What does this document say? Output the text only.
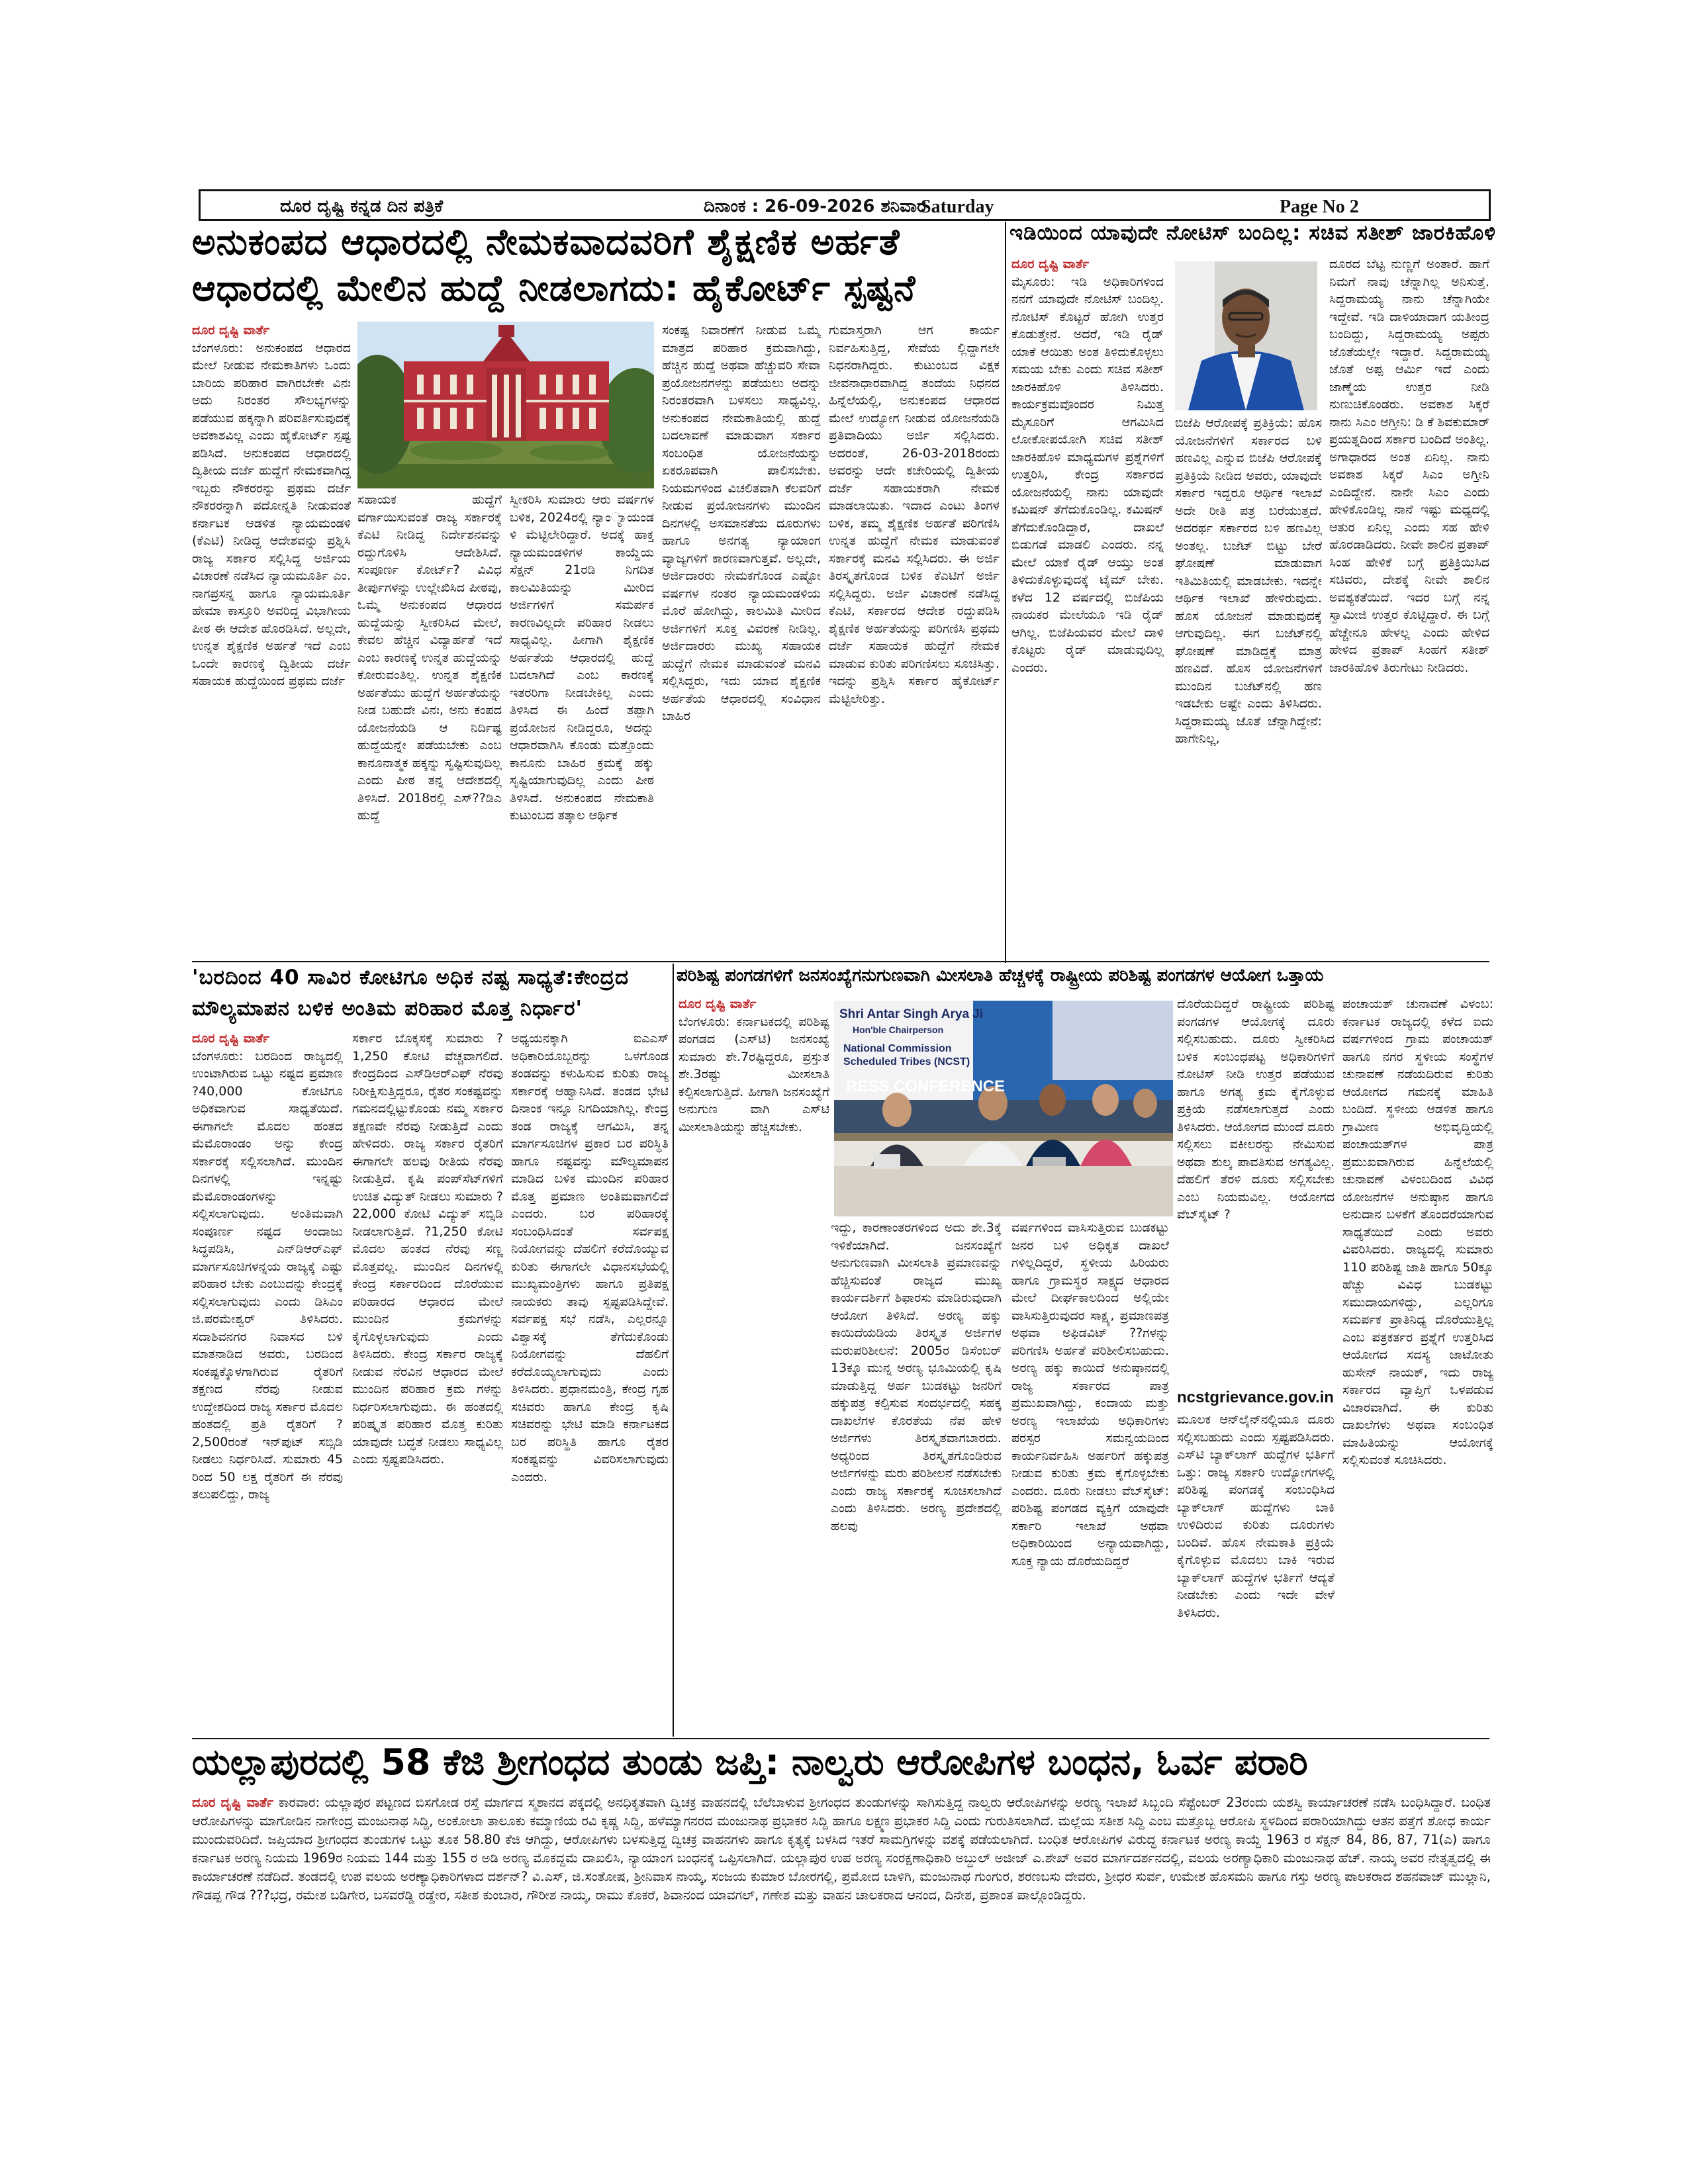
ದೂರ ದೃಷ್ಟಿ ಕನ್ನಡ ದಿನ ಪತ್ರಿಕೆ	ದಿನಾಂಕ : 26-09-2026 ಶನಿವಾರ
Saturday	Page No 2
ಅನುಕಂಪದ ಆಧಾರದಲ್ಲಿ ನೇಮಕವಾದವರಿಗೆ ಶೈಕ್ಷಣಿಕ ಅರ್ಹತೆ
ಆಧಾರದಲ್ಲಿ ಮೇಲಿನ ಹುದ್ದೆ ನೀಡಲಾಗದು: ಹೈಕೋರ್ಟ್ ಸ್ಪಷ್ಟನೆ
ದೂರ ದೃಷ್ಟಿ ವಾರ್ತೆ
ಬೆಂಗಳೂರು: ಅನುಕಂಪದ ಆಧಾರದ ಮೇಲೆ ನೀಡುವ ನೇಮಕಾತಿಗಳು ಒಂದು ಬಾರಿಯ ಪರಿಹಾರ ವಾಗಿರಬೇಕೇ ವಿನಃ ಅದು ನಿರಂತರ ಸೌಲಭ್ಯಗಳನ್ನು ಪಡೆಯುವ ಹಕ್ಕನ್ನಾಗಿ ಪರಿವರ್ತಿಸುವುದಕ್ಕೆ ಅವಕಾಶವಿಲ್ಲ ಎಂದು ಹೈಕೋರ್ಟ್ ಸ್ಪಷ್ಟ ಪಡಿಸಿದೆ. ಅನುಕಂಪದ ಆಧಾರದಲ್ಲಿ ದ್ವಿತೀಯ ದರ್ಜೆ ಹುದ್ದೆಗೆ ನೇಮಕವಾಗಿದ್ದ ಇಬ್ಬರು ನೌಕರರನ್ನು ಪ್ರಥಮ ದರ್ಜೆ ನೌಕರರನ್ನಾಗಿ ಪದೋನ್ನತಿ ನೀಡುವಂತೆ ಕರ್ನಾಟಕ ಆಡಳಿತ ನ್ಯಾಯಮಂಡಳಿ (ಕೆಎಟಿ) ನೀಡಿದ್ದ ಆದೇಶವನ್ನು ಪ್ರಶ್ನಿಸಿ ರಾಜ್ಯ ಸರ್ಕಾರ ಸಲ್ಲಿಸಿದ್ದ ಅರ್ಜಿಯ ವಿಚಾರಣೆ ನಡೆಸಿದ ನ್ಯಾಯಮೂರ್ತಿ ಎಂ. ನಾಗಪ್ರಸನ್ನ ಹಾಗೂ ನ್ಯಾಯಮೂರ್ತಿ ಹೇಮಾ ಕಾಸ್ತೂರಿ ಅವರಿದ್ದ ವಿಭಾಗೀಯ ಪೀಠ ಈ ಆದೇಶ ಹೊರಡಿಸಿದೆ. ಅಲ್ಲದೇ, ಉನ್ನತ ಶೈಕ್ಷಣಿಕ ಅರ್ಹತೆ ಇದೆ ಎಂಬ ಒಂದೇ ಕಾರಣಕ್ಕೆ ದ್ವಿತೀಯ ದರ್ಜೆ ಸಹಾಯಕ ಹುದ್ದೆಯಿಂದ ಪ್ರಥಮ ದರ್ಜೆ
ಸಹಾಯಕ ಹುದ್ದೆಗೆ ವರ್ಗಾಯಿಸುವಂತೆ ರಾಜ್ಯ ಸರ್ಕಾರಕ್ಕೆ ಕೆಎಟಿ ನೀಡಿದ್ದ ನಿರ್ದೇಶನವನ್ನು ರದ್ದುಗೊಳಿಸಿ ಆದೇಶಿಸಿದೆ. ಸಂಪೂರ್ಣ ಕೋರ್ಟ್? ವಿವಿಧ ತೀರ್ಪುಗಳನ್ನು ಉಲ್ಲೇಖಿಸಿದ ಪೀಠವು, ಒಮ್ಮೆ ಅನುಕಂಪದ ಆಧಾರದ ಹುದ್ದೆಯನ್ನು ಸ್ವೀಕರಿಸಿದ ಮೇಲೆ, ಕೇವಲ ಹೆಚ್ಚಿನ ವಿದ್ಯಾರ್ಹತೆ ಇದೆ ಎಂಬ ಕಾರಣಕ್ಕೆ ಉನ್ನತ ಹುದ್ದೆಯನ್ನು ಕೋರುವಂತಿಲ್ಲ. ಉನ್ನತ ಶೈಕ್ಷಣಿಕ ಅರ್ಹತೆಯು ಹುದ್ದೆಗೆ ಅರ್ಹತೆಯನ್ನು ನೀಡ ಬಹುದೇ ವಿನಃ, ಅನು ಕಂಪದ ಯೋಜನೆಯಡಿ ಆ ನಿರ್ದಿಷ್ಟ ಹುದ್ದೆಯನ್ನೇ ಪಡೆಯಬೇಕು ಎಂಬ ಕಾನೂನಾತ್ಮಕ ಹಕ್ಕನ್ನು ಸೃಷ್ಟಿಸುವುದಿಲ್ಲ ಎಂದು ಪೀಠ ತನ್ನ ಆದೇಶದಲ್ಲಿ ತಿಳಿಸಿದೆ. 2018ರಲ್ಲಿ ಎಸ್??ಡಿಎ ಹುದ್ದೆ
ಸ್ವೀಕರಿಸಿ ಸುಮಾರು ಆರು ವರ್ಷಗಳ ಬಳಿಕ, 2024ರಲ್ಲಿ ನ್ಯಾಂ್ಯಾಯಂಡ ಳಿ ಮೆಟ್ಟಿಲೇರಿದ್ದಾರೆ. ಅದಕ್ಕೆ ಹಾಕ್ತ ನ್ಯಾಯಮಂಡಳಿಗಳ ಕಾಯ್ದೆಯ ಸೆಕ್ಷನ್ 21ರಡಿ ನಿಗದಿತ ಕಾಲಮಿತಿಯನ್ನು ಮೀರಿದ ಅರ್ಜಿಗಳಿಗೆ ಸಮರ್ಪಕ ಕಾರಣವಿಲ್ಲದೇ ಪರಿಹಾರ ನೀಡಲು ಸಾಧ್ಯವಿಲ್ಲ. ಹೀಗಾಗಿ ಶೈಕ್ಷಣಿಕ ಅರ್ಹತೆಯ ಆಧಾರದಲ್ಲಿ ಹುದ್ದೆ ಬದಲಾಗಿದೆ ಎಂಬ ಕಾರಣಕ್ಕೆ ಇತರರಿಗಾ ನೀಡಬೇಕಿಲ್ಲ ಎಂದು ತಿಳಿಸಿದ ಈ ಹಿಂದೆ ತಪ್ಪಾಗಿ ಪ್ರಯೋಜನ ನೀಡಿದ್ದರೂ, ಅದನ್ನು ಆಧಾರವಾಗಿಸಿ ಕೊಂಡು ಮತ್ತೊಂದು ಕಾನೂನು ಬಾಹಿರ ಕ್ರಮಕ್ಕೆ ಹಕ್ಕು ಸೃಷ್ಟಿಯಾಗುವುದಿಲ್ಲ ಎಂದು ಪೀಠ ತಿಳಿಸಿದೆ. ಅನುಕಂಪದ ನೇಮಕಾತಿ ಕುಟುಂಬದ ತತ್ಕಾಲ ಆರ್ಥಿಕ
ಸಂಕಷ್ಟ ನಿವಾರಣೆಗೆ ನೀಡುವ ಒಮ್ಮೆ ಮಾತ್ರದ ಪರಿಹಾರ ಕ್ರಮವಾಗಿದ್ದು, ಹೆಚ್ಚಿನ ಹುದ್ದೆ ಅಥವಾ ಹೆಚ್ಚುವರಿ ಸೇವಾ ಪ್ರಯೋಜನಗಳನ್ನು ಪಡೆಯಲು ಅದನ್ನು ನಿರಂತರವಾಗಿ ಬಳಸಲು ಸಾಧ್ಯವಿಲ್ಲ. ಅನುಕಂಪದ ನೇಮಕಾತಿಯಲ್ಲಿ ಹುದ್ದೆ ಬದಲಾವಣೆ ಮಾಡುವಾಗ ಸರ್ಕಾರ ಸಂಬಂಧಿತ ಯೋಜನೆಯನ್ನು ಏಕರೂಪವಾಗಿ ಪಾಲಿಸಬೇಕು. ನಿಯಮಗಳಿಂದ ವಿಚಲಿತವಾಗಿ ಕೆಲವರಿಗೆ ನೀಡುವ ಪ್ರಯೋಜನಗಳು ಮುಂದಿನ ದಿನಗಳಲ್ಲಿ ಅಸಮಾನತೆಯ ದೂರುಗಳು ಹಾಗೂ ಅನಗತ್ಯ ನ್ಯಾಯಾಂಗ ವ್ಯಾಜ್ಯಗಳಿಗೆ ಕಾರಣವಾಗುತ್ತವೆ. ಅಲ್ಲದೇ, ಅರ್ಜಿದಾರರು ನೇಮಕಗೊಂಡ ಎಷ್ಟೋ ವರ್ಷಗಳ ನಂತರ ನ್ಯಾಯಮಂಡಳಿಯ ಮೊರೆ ಹೋಗಿದ್ದು, ಕಾಲಮಿತಿ ಮೀರಿದ ಅರ್ಜಿಗಳಿಗೆ ಸೂಕ್ತ ವಿವರಣೆ ನೀಡಿಲ್ಲ. ಅರ್ಜಿದಾರರು ಮುಖ್ಯ ಸಹಾಯಕ ಹುದ್ದೆಗೆ ನೇಮಕ ಮಾಡುವಂತೆ ಮನವಿ ಸಲ್ಲಿಸಿದ್ದರು, ಇದು ಯಾವ ಶೈಕ್ಷಣಿಕ ಅರ್ಹತೆಯ ಆಧಾರದಲ್ಲಿ ಸಂವಿಧಾನ ಬಾಹಿರ
ಗುಮಾಸ್ತರಾಗಿ ಆಗ ಕಾರ್ಯ ನಿರ್ವಹಿಸುತ್ತಿದ್ದ, ಸೇವೆಯ ಲ್ಲಿದ್ದಾಗಲೇ ನಿಧನರಾಗಿದ್ದರು. ಕುಟುಂಬದ ವಿಕ್ಷಕ ಜೀವನಾಧಾರವಾಗಿದ್ದ ತಂದೆಯ ನಿಧನದ ಹಿನ್ನೆಲೆಯಲ್ಲಿ, ಅನುಕಂಪದ ಆಧಾರದ ಮೇಲೆ ಉದ್ಯೋಗ ನೀಡುವ ಯೋಜನೆಯಡಿ ಪ್ರತಿವಾದಿಯು ಅರ್ಜಿ ಸಲ್ಲಿಸಿದರು. ಅದರಂತೆ, 26-03-2018ರಂದು ಅವರನ್ನು ಆದೇ ಕಚೇರಿಯಲ್ಲಿ ದ್ವಿತೀಯ ದರ್ಜೆ ಸಹಾಯಕರಾಗಿ ನೇಮಕ ಮಾಡಲಾಯಿತು. ಇದಾದ ಎಂಟು ತಿಂಗಳ ಬಳಿಕ, ತಮ್ಮ ಶೈಕ್ಷಣಿಕ ಅರ್ಹತೆ ಪರಿಗಣಿಸಿ ಉನ್ನತ ಹುದ್ದೆಗೆ ನೇಮಕ ಮಾಡುವಂತೆ ಸರ್ಕಾರಕ್ಕೆ ಮನವಿ ಸಲ್ಲಿಸಿದರು. ಈ ಅರ್ಜಿ ತಿರಸ್ಕೃತಗೊಂಡ ಬಳಿಕ ಕೆಎಟಿಗೆ ಅರ್ಜಿ ಸಲ್ಲಿಸಿದ್ದರು. ಅರ್ಜಿ ವಿಚಾರಣೆ ನಡೆಸಿದ್ದ ಕೆಎಟಿ, ಸರ್ಕಾರದ ಆದೇಶ ರದ್ದುಪಡಿಸಿ ಶೈಕ್ಷಣಿಕ ಅರ್ಹತೆಯನ್ನು ಪರಿಗಣಿಸಿ ಪ್ರಥಮ ದರ್ಜೆ ಸಹಾಯಕ ಹುದ್ದೆಗೆ ನೇಮಕ ಮಾಡುವ ಕುರಿತು ಪರಿಗಣಿಸಲು ಸೂಚಿಸಿತ್ತು. ಇದನ್ನು ಪ್ರಶ್ನಿಸಿ ಸರ್ಕಾರ ಹೈಕೋರ್ಟ್ ಮೆಟ್ಟಿಲೇರಿತ್ತು.
ಇಡಿಯಿಂದ ಯಾವುದೇ ನೋಟಿಸ್ ಬಂದಿಲ್ಲ: ಸಚಿವ ಸತೀಶ್ ಜಾರಕಿಹೊಳಿ
ದೂರ ದೃಷ್ಟಿ ವಾರ್ತೆ
ಮೈಸೂರು: ಇಡಿ ಅಧಿಕಾರಿಗಳಿಂದ ನನಗೆ ಯಾವುದೇ ನೋಟಿಸ್ ಬಂದಿಲ್ಲ. ನೋಟಿಸ್ ಕೊಟ್ಟರೆ ಹೋಗಿ ಉತ್ತರ ಕೊಡುತ್ತೇನೆ. ಅದರೆ, ಇಡಿ ರೈಡ್ ಯಾಕೆ ಆಯಿತು ಅಂತ ತಿಳಿದುಕೊಳ್ಳಲು ಸಮಯ ಬೇಕು ಎಂದು ಸಚಿವ ಸತೀಶ್ ಜಾರಕಿಹೊಳಿ ತಿಳಿಸಿದರು. ಕಾರ್ಯಕ್ರಮವೊಂದರ ನಿಮಿತ್ತ ಮೈಸೂರಿಗೆ ಆಗಮಿಸಿದ ಲೋಕೋಪಯೋಗಿ ಸಚಿವ ಸತೀಶ್ ಜಾರಕಿಹೊಳಿ ಮಾಧ್ಯಮಗಳ ಪ್ರಶ್ನೆಗಳಿಗೆ ಉತ್ತರಿಸಿ, ಕೇಂದ್ರ ಸರ್ಕಾರದ ಯೋಜನೆಯಲ್ಲಿ ನಾನು ಯಾವುದೇ ಕಮಿಷನ್ ತೆಗೆದುಕೊಂಡಿಲ್ಲ. ಕಮಿಷನ್ ತೆಗೆದುಕೊಂಡಿದ್ದಾರೆ, ದಾಖಲೆ ಬಿಡುಗಡೆ ಮಾಡಲಿ ಎಂದರು. ನನ್ನ ಮೇಲೆ ಯಾಕೆ ರೈಡ್ ಆಯ್ತು ಅಂತ ತಿಳಿದುಕೊಳ್ಳುವುದಕ್ಕೆ ಟೈಮ್ ಬೇಕು. ಕಳೆದ 12 ವರ್ಷದಲ್ಲಿ ಬಿಜೆಪಿಯ ನಾಯಕರ ಮೇಲೆಯೂ ಇಡಿ ರೈಡ್ ಆಗಿಲ್ಲ. ಬಿಜೆಪಿಯವರ ಮೇಲೆ ದಾಳಿ ಕೊಟ್ಟರು ರೈಡ್ ಮಾಡುವುದಿಲ್ಲ ಎಂದರು.
ಬಿಜೆಪಿ ಆರೋಪಕ್ಕೆ ಪ್ರತಿಕ್ರಿಯೆ: ಹೊಸ ಯೋಜನೆಗಳಿಗೆ ಸರ್ಕಾರದ ಬಳಿ ಹಣವಿಲ್ಲ ಎನ್ನುವ ಬಿಜೆಪಿ ಆರೋಪಕ್ಕೆ ಪ್ರತಿಕ್ರಿಯೆ ನೀಡಿದ ಅವರು, ಯಾವುದೇ ಸರ್ಕಾರ ಇದ್ದರೂ ಆರ್ಥಿಕ ಇಲಾಖೆ ಅದೇ ರೀತಿ ಪತ್ರ ಬರೆಯುತ್ತದೆ. ಅದರರ್ಥ ಸರ್ಕಾರದ ಬಳಿ ಹಣವಿಲ್ಲ ಅಂತಲ್ಲ. ಬಜೆಟ್ ಬಿಟ್ಟು ಬೇರೆ ಘೋಷಣೆ ಮಾಡುವಾಗ ಇತಿಮಿತಿಯಲ್ಲಿ ಮಾಡಬೇಕು. ಇದನ್ನೇ ಆರ್ಥಿಕ ಇಲಾಖೆ ಹೇಳಿರುವುದು. ಹೊಸ ಯೋಜನೆ ಮಾಡುವುದಕ್ಕೆ ಆಗುವುದಿಲ್ಲ. ಈಗ ಬಜೆಟ್‌ನಲ್ಲಿ ಘೋಷಣೆ ಮಾಡಿದ್ದಕ್ಕೆ ಮಾತ್ರ ಹಣವಿದೆ. ಹೊಸ ಯೋಜನೆಗಳಿಗೆ ಮುಂದಿನ ಬಜೆಟ್‌ನಲ್ಲಿ ಹಣ ಇಡಬೇಕು ಅಷ್ಟೇ ಎಂದು ತಿಳಿಸಿದರು. ಸಿದ್ದರಾಮಯ್ಯ ಜೊತೆ ಚೆನ್ನಾಗಿದ್ದೇನೆ: ಹಾಗೇನಿಲ್ಲ,
ದೂರದ ಬೆಟ್ಟ ನುಣ್ಣಗೆ ಅಂತಾರೆ. ಹಾಗೆ ನಿಮಗೆ ನಾವು ಚೆನ್ನಾಗಿಲ್ಲ ಅನಿಸುತ್ತೆ. ಸಿದ್ದರಾಮಯ್ಯ ನಾನು ಚೆನ್ನಾಗಿಯೇ ಇದ್ದೇವೆ. ಇಡಿ ದಾಳಿಯಾದಾಗ ಯತೀಂದ್ರ ಬಂದಿದ್ದು, ಸಿದ್ದರಾಮಯ್ಯ ಅಪ್ಪರು ಜೊತೆಯಲ್ಲೇ ಇದ್ದಾರೆ. ಸಿದ್ದರಾಮಯ್ಯ ಜೊತೆ ಅಪ್ಪ ಆರ್ಮಿ ಇದೆ ಎಂದು ಜಾಣ್ಮೆಯ ಉತ್ತರ ನೀಡಿ ನುಣುಚಿಕೊಂಡರು. ಅವಕಾಶ ಸಿಕ್ಕರೆ ನಾನು ಸಿಎಂ ಆಗ್ತೀನಿ: ಡಿ ಕೆ ಶಿವಕುಮಾರ್ ಪ್ರಯತ್ನದಿಂದ ಸರ್ಕಾರ ಬಂದಿದೆ ಅಂತಿಲ್ಲ. ಅಗಾಧಾರದ ಅಂತ ಏನಿಲ್ಲ. ನಾನು ಅವಕಾಶ ಸಿಕ್ಕರೆ ಸಿಎಂ ಅಗ್ತೀನಿ ಎಂದಿದ್ದೇನೆ. ನಾನೇ ಸಿಎಂ ಎಂದು ಹೇಳಿಕೊಂಡಿಲ್ಲ ನಾನೆ ಇಷ್ಟು ಮಧ್ಯದಲ್ಲಿ ಆತುರ ಏನಿಲ್ಲ ಎಂದು ಸಹ ಹೇಳಿ ಹೊರಡಾಡಿದರು. ನೀವೇ ಶಾಲಿನ ಪ್ರತಾಪ್ ಸಿಂಹ ಹೇಳಿಕೆ ಬಗ್ಗೆ ಪ್ರತಿಕ್ರಿಯಿಸಿದ ಸಚಿವರು, ದೇಶಕ್ಕೆ ನೀವೇ ಶಾಲಿನ ಅವಶ್ಯಕತೆಯಿದೆ. ಇದರ ಬಗ್ಗೆ ನನ್ನ ಸ್ವಾಮೀಜಿ ಉತ್ತರ ಕೊಟ್ಟಿದ್ದಾರೆ. ಈ ಬಗ್ಗೆ ಹೆಚ್ಚೇನೂ ಹೇಳಲ್ಲ ಎಂದು ಹೇಳಿದ ಹೇಳಿದ ಪ್ರತಾಪ್ ಸಿಂಹಗೆ ಸತೀಶ್ ಜಾರಕಿಹೊಳಿ ತಿರುಗೇಟು ನೀಡಿದರು.
'ಬರದಿಂದ 40 ಸಾವಿರ ಕೋಟಿಗೂ ಅಧಿಕ ನಷ್ಟ ಸಾಧ್ಯತೆ:ಕೇಂದ್ರದ
ಮೌಲ್ಯಮಾಪನ ಬಳಿಕ ಅಂತಿಮ ಪರಿಹಾರ ಮೊತ್ತ ನಿರ್ಧಾರ'
ದೂರ ದೃಷ್ಟಿ ವಾರ್ತೆ
ಬೆಂಗಳೂರು: ಬರದಿಂದ ರಾಜ್ಯದಲ್ಲಿ ಉಂಟಾಗಿರುವ ಒಟ್ಟು ನಷ್ಟದ ಪ್ರಮಾಣ ?40,000 ಕೋಟಿಗೂ ಅಧಿಕವಾಗುವ ಸಾಧ್ಯತೆಯಿದೆ. ಈಗಾಗಲೇ ಮೊದಲ ಹಂತದ ಮೆಮೊರಾಂಡಂ ಅನ್ನು ಕೇಂದ್ರ ಸರ್ಕಾರಕ್ಕೆ ಸಲ್ಲಿಸಲಾಗಿದೆ. ಮುಂದಿನ ದಿನಗಳಲ್ಲಿ ಇನ್ನಷ್ಟು ಮೆಮೊರಾಂಡಂಗಳನ್ನು ಸಲ್ಲಿಸಲಾಗುವುದು. ಅಂತಿಮವಾಗಿ ಸಂಪೂರ್ಣ ನಷ್ಟದ ಅಂದಾಜು ಸಿದ್ಧಪಡಿಸಿ, ಎನ್‌ಡಿಆರ್‌ಎಫ್ ಮಾರ್ಗಸೂಚಿಗಳನ್ನಯ ರಾಜ್ಯಕ್ಕೆ ಎಷ್ಟು ಪರಿಹಾರ ಬೇಕು ಎಂಬುದನ್ನು ಕೇಂದ್ರಕ್ಕೆ ಸಲ್ಲಿಸಲಾಗುವುದು ಎಂದು ಡಿಸಿಎಂ ಜಿ.ಪರಮೇಶ್ವರ್ ತಿಳಿಸಿದರು. ಸದಾಶಿವನಗರ ನಿವಾಸದ ಬಳಿ ಮಾತನಾಡಿದ ಅವರು, ಬರದಿಂದ ಸಂಕಷ್ಟಕ್ಕೊಳಗಾಗಿರುವ ರೈತರಿಗೆ ತಕ್ಷಣದ ನೆರವು ನೀಡುವ ಉದ್ದೇಶದಿಂದ ರಾಜ್ಯ ಸರ್ಕಾರ ಮೊದಲ ಹಂತದಲ್ಲಿ ಪ್ರತಿ ರೈತರಿಗೆ ?2,500ರಂತೆ ಇನ್‌ಪುಟ್ ಸಬ್ಸಿಡಿ ನೀಡಲು ನಿರ್ಧರಿಸಿದೆ. ಸುಮಾರು 45 ರಿಂದ 50 ಲಕ್ಷ ರೈತರಿಗೆ ಈ ನೆರವು ತಲುಪಲಿದ್ದು, ರಾಜ್ಯ
ಸರ್ಕಾರ ಬೊಕ್ಕಸಕ್ಕೆ ಸುಮಾರು ?1,250 ಕೋಟಿ ವೆಚ್ಚವಾಗಲಿದೆ. ಕೇಂದ್ರದಿಂದ ಎಸ್‌ಡಿಆರ್‌ಎಫ್ ನೆರವು ನಿರೀಕ್ಷಿಸುತ್ತಿದ್ದರೂ, ರೈತರ ಸಂಕಷ್ಟವನ್ನು ಗಮನದಲ್ಲಿಟ್ಟುಕೊಂಡು ನಮ್ಮ ಸರ್ಕಾರ ತಕ್ಷಣವೇ ನೆರವು ನೀಡುತ್ತಿದೆ ಎಂದು ಹೇಳಿದರು. ರಾಜ್ಯ ಸರ್ಕಾರ ರೈತರಿಗೆ ಈಗಾಗಲೇ ಹಲವು ರೀತಿಯ ನೆರವು ನೀಡುತ್ತಿದೆ. ಕೃಷಿ ಪಂಪ್‌ಸೆಟ್‌ಗಳಿಗೆ ಉಚಿತ ವಿದ್ಯುತ್ ನೀಡಲು ಸುಮಾರು ?22,000 ಕೋಟಿ ವಿದ್ಯುತ್ ಸಬ್ಸಿಡಿ ನೀಡಲಾಗುತ್ತಿದೆ. ?1,250 ಕೋಟಿ ಮೊದಲ ಹಂತದ ನೆರವು ಸಣ್ಣ ಮೊತ್ತವಲ್ಲ. ಮುಂದಿನ ದಿನಗಳಲ್ಲಿ ಕೇಂದ್ರ ಸರ್ಕಾರದಿಂದ ದೊರೆಯುವ ಪರಿಹಾರದ ಆಧಾರದ ಮೇಲೆ ಮುಂದಿನ ಕ್ರಮಗಳನ್ನು ಕೈಗೊಳ್ಳಲಾಗುವುದು ಎಂದು ತಿಳಿಸಿದರು. ಕೇಂದ್ರ ಸರ್ಕಾರ ರಾಜ್ಯಕ್ಕೆ ನೀಡುವ ನೆರವಿನ ಆಧಾರದ ಮೇಲೆ ಮುಂದಿನ ಪರಿಹಾರ ಕ್ರಮ ಗಳನ್ನು ನಿರ್ಧರಿಸಲಾಗುವುದು. ಈ ಹಂತದಲ್ಲಿ ಪರಿಷ್ಕೃತ ಪರಿಹಾರ ಮೊತ್ತ ಕುರಿತು ಯಾವುದೇ ಬದ್ಧತೆ ನೀಡಲು ಸಾಧ್ಯವಿಲ್ಲ ಎಂದು ಸ್ಪಷ್ಟಪಡಿಸಿದರು.
ಅಧ್ಯಯನಕ್ಕಾಗಿ ಐಎಎಸ್ ಅಧಿಕಾರಿಯೊಬ್ಬರನ್ನು ಒಳಗೊಂಡ ತಂಡವನ್ನು ಕಳುಹಿಸುವ ಕುರಿತು ರಾಜ್ಯ ಸರ್ಕಾರಕ್ಕೆ ಆಹ್ವಾನಿಸಿದೆ. ತಂಡದ ಭೇಟಿ ದಿನಾಂಕ ಇನ್ನೂ ನಿಗದಿಯಾಗಿಲ್ಲ. ಕೇಂದ್ರ ತಂಡ ರಾಜ್ಯಕ್ಕೆ ಆಗಮಿಸಿ, ತನ್ನ ಮಾರ್ಗಸೂಚಿಗಳ ಪ್ರಕಾರ ಬರ ಪರಿಸ್ಥಿತಿ ಹಾಗೂ ನಷ್ಟವನ್ನು ಮೌಲ್ಯಮಾಪನ ಮಾಡಿದ ಬಳಿಕ ಮುಂದಿನ ಪರಿಹಾರ ಮೊತ್ತ ಪ್ರಮಾಣ ಅಂತಿಮವಾಗಲಿದೆ ಎಂದರು. ಬರ ಪರಿಹಾರಕ್ಕೆ ಸಂಬಂಧಿಸಿದಂತೆ ಸರ್ವಪಕ್ಷ ನಿಯೋಗವನ್ನು ದೆಹಲಿಗೆ ಕರೆದೊಯ್ಯುವ ಕುರಿತು ಈಗಾಗಲೇ ವಿಧಾನಸಭೆಯಲ್ಲಿ ಮುಖ್ಯಮಂತ್ರಿಗಳು ಹಾಗೂ ಪ್ರತಿಪಕ್ಷ ನಾಯಕರು ತಾವು ಸ್ಪಷ್ಟಪಡಿಸಿದ್ದೇವೆ. ಸರ್ವಪಕ್ಷ ಸಭೆ ನಡೆಸಿ, ಎಲ್ಲರನ್ನೂ ವಿಶ್ವಾಸಕ್ಕೆ ತೆಗೆದುಕೊಂಡು ನಿಯೋಗವನ್ನು ದೆಹಲಿಗೆ ಕರೆದೊಯ್ಯಲಾಗುವುದು ಎಂದು ತಿಳಿಸಿದರು. ಪ್ರಧಾನಮಂತ್ರಿ, ಕೇಂದ್ರ ಗೃಹ ಸಚಿವರು ಹಾಗೂ ಕೇಂದ್ರ ಕೃಷಿ ಸಚಿವರನ್ನು ಭೇಟಿ ಮಾಡಿ ಕರ್ನಾಟಕದ ಬರ ಪರಿಸ್ಥಿತಿ ಹಾಗೂ ರೈತರ ಸಂಕಷ್ಟವನ್ನು ವಿವರಿಸಲಾಗುವುದು ಎಂದರು.
ಪರಿಶಿಷ್ಟ ಪಂಗಡಗಳಿಗೆ ಜನಸಂಖ್ಯೆಗನುಗುಣವಾಗಿ ಮೀಸಲಾತಿ ಹೆಚ್ಚಳಕ್ಕೆ ರಾಷ್ಟ್ರೀಯ ಪರಿಶಿಷ್ಟ ಪಂಗಡಗಳ ಆಯೋಗ ಒತ್ತಾಯ
ದೂರ ದೃಷ್ಟಿ ವಾರ್ತೆ
ಬೆಂಗಳೂರು: ಕರ್ನಾಟಕದಲ್ಲಿ ಪರಿಶಿಷ್ಟ ಪಂಗಡದ (ಎಸ್‌ಟಿ) ಜನಸಂಖ್ಯೆ ಸುಮಾರು ಶೇ.7ರಷ್ಟಿದ್ದರೂ, ಪ್ರಸ್ತುತ ಶೇ.3ರಷ್ಟು ಮೀಸಲಾತಿ ಕಲ್ಪಿಸಲಾಗುತ್ತಿದೆ. ಹೀಗಾಗಿ ಜನಸಂಖ್ಯೆಗೆ ಅನುಗುಣ ವಾಗಿ ಎಸ್‌ಟಿ ಮೀಸಲಾತಿಯನ್ನು ಹೆಚ್ಚಿಸಬೇಕು.
Shri Antar Singh Arya Ji
Hon'ble Chairperson
National Commission
Scheduled Tribes (NCST)
RESS CONFERENCE
ಇದ್ದು, ಕಾರಣಾಂತರಗಳಿಂದ ಅದು ಶೇ.3ಕ್ಕೆ ಇಳಿಕೆಯಾಗಿದೆ. ಜನಸಂಖ್ಯೆಗೆ ಅನುಗುಣವಾಗಿ ಮೀಸಲಾತಿ ಪ್ರಮಾಣವನ್ನು ಹೆಚ್ಚಿಸುವಂತೆ ರಾಜ್ಯದ ಮುಖ್ಯ ಕಾರ್ಯದರ್ಶಿಗೆ ಶಿಫಾರಸು ಮಾಡಿರುವುದಾಗಿ ಆಯೋಗ ತಿಳಿಸಿದೆ. ಅರಣ್ಯ ಹಕ್ಕು ಕಾಯಿದೆಯಡಿಯ ತಿರಸ್ಕೃತ ಅರ್ಜಿಗಳ ಮರುಪರಿಶೀಲನೆ: 2005ರ ಡಿಸೆಂಬರ್ 13ಕ್ಕೂ ಮುನ್ನ ಅರಣ್ಯ ಭೂಮಿಯಲ್ಲಿ ಕೃಷಿ ಮಾಡುತ್ತಿದ್ದ ಅರ್ಹ ಬುಡಕಟ್ಟು ಜನರಿಗೆ ಹಕ್ಕುಪತ್ರ ಕಲ್ಪಿಸುವ ಸಂದರ್ಭದಲ್ಲಿ ಸಹಕ್ಕ ದಾಖಲೆಗಳ ಕೊರತೆಯ ನೆಪ ಹೇಳಿ ಅರ್ಜಿಗಳು ತಿರಸ್ಕೃತವಾಗಬಾರದು. ಅಧ್ಯರಿಂದ ತಿರಸ್ಕೃತಗೊಂಡಿರುವ ಅರ್ಜಿಗಳನ್ನು ಮರು ಪರಿಶೀಲನೆ ನಡೆಸಬೇಕು ಎಂದು ರಾಜ್ಯ ಸರ್ಕಾರಕ್ಕೆ ಸೂಚಿಸಲಾಗಿದೆ ಎಂದು ತಿಳಿಸಿದರು. ಅರಣ್ಯ ಪ್ರದೇಶದಲ್ಲಿ ಹಲವು
ವರ್ಷಗಳಿಂದ ವಾಸಿಸುತ್ತಿರುವ ಬುಡಕಟ್ಟು ಜನರ ಬಳಿ ಅಧಿಕೃತ ದಾಖಲೆ ಗಳಿಲ್ಲದಿದ್ದರೆ, ಸ್ಥಳೀಯ ಹಿರಿಯರು ಹಾಗೂ ಗ್ರಾಮಸ್ಥರ ಸಾಕ್ಷ್ಯದ ಆಧಾರದ ಮೇಲೆ ದೀರ್ಘಕಾಲದಿಂದ ಅಲ್ಲಿಯೇ ವಾಸಿಸುತ್ತಿರುವುದರ ಸಾಕ್ಷ್ಯ, ಪ್ರಮಾಣಪತ್ರ ಅಥವಾ ಅಫಿಡವಿಟ್ ??ಗಳನ್ನು ಪರಿಗಣಿಸಿ ಅರ್ಹತೆ ಪರಿಶೀಲಿಸಬಹುದು. ಅರಣ್ಯ ಹಕ್ಕು ಕಾಯಿದೆ ಅನುಷ್ಠಾನದಲ್ಲಿ ರಾಜ್ಯ ಸರ್ಕಾರದ ಪಾತ್ರ ಪ್ರಮುಖವಾಗಿದ್ದು, ಕಂದಾಯ ಮತ್ತು ಅರಣ್ಯ ಇಲಾಖೆಯ ಅಧಿಕಾರಿಗಳು ಪರಸ್ಪರ ಸಮನ್ವಯದಿಂದ ಕಾರ್ಯನಿರ್ವಹಿಸಿ ಅರ್ಹರಿಗೆ ಹಕ್ಕುಪತ್ರ ನೀಡುವ ಕುರಿತು ಕ್ರಮ ಕೈಗೊಳ್ಳಬೇಕು ಎಂದರು. ದೂರು ನೀಡಲು ವೆಬ್‌ಸೈಟ್: ಪರಿಶಿಷ್ಟ ಪಂಗಡದ ವ್ಯಕ್ತಿಗೆ ಯಾವುದೇ ಸರ್ಕಾರಿ ಇಲಾಖೆ ಅಥವಾ ಅಧಿಕಾರಿಯಿಂದ ಅನ್ಯಾಯವಾಗಿದ್ದು, ಸೂಕ್ತ ನ್ಯಾಯ ದೊರೆಯದಿದ್ದರೆ
ದೊರೆಯದಿದ್ದರೆ ರಾಷ್ಟ್ರೀಯ ಪರಿಶಿಷ್ಟ ಪಂಗಡಗಳ ಆಯೋಗಕ್ಕೆ ದೂರು ಸಲ್ಲಿಸಬಹುದು. ದೂರು ಸ್ವೀಕರಿಸಿದ ಬಳಿಕ ಸಂಬಂಧಪಟ್ಟ ಅಧಿಕಾರಿಗಳಿಗೆ ನೋಟಿಸ್ ನೀಡಿ ಉತ್ತರ ಪಡೆಯುವ ಹಾಗೂ ಅಗತ್ಯ ಕ್ರಮ ಕೈಗೊಳ್ಳುವ ಪ್ರಕ್ರಿಯೆ ನಡೆಸಲಾಗುತ್ತದೆ ಎಂದು ತಿಳಿಸಿದರು. ಆಯೋಗದ ಮುಂದೆ ದೂರು ಸಲ್ಲಿಸಲು ವಕೀಲರನ್ನು ನೇಮಿಸುವ ಅಥವಾ ಶುಲ್ಕ ಪಾವತಿಸುವ ಅಗತ್ಯವಿಲ್ಲ. ದೆಹಲಿಗೆ ತೆರಳಿ ದೂರು ಸಲ್ಲಿಸಬೇಕು ಎಂಬ ನಿಯಮವಿಲ್ಲ. ಆಯೋಗದ ವೆಬ್‌ಸೈಟ್ ?
ncstgrievance.gov.in
ಮೂಲಕ ಆನ್‌ಲೈನ್‌ನಲ್ಲಿಯೂ ದೂರು ಸಲ್ಲಿಸಬಹುದು ಎಂದು ಸ್ಪಷ್ಟಪಡಿಸಿದರು. ಎಸ್‌ಟಿ ಬ್ಯಾಕ್‌ಲಾಗ್ ಹುದ್ದೆಗಳ ಭರ್ತಿಗೆ ಒತ್ತು: ರಾಜ್ಯ ಸರ್ಕಾರಿ ಉದ್ಯೋಗಗಳಲ್ಲಿ ಪರಿಶಿಷ್ಟ ಪಂಗಡಕ್ಕೆ ಸಂಬಂಧಿಸಿದ ಬ್ಯಾಕ್‌ಲಾಗ್ ಹುದ್ದೆಗಳು ಬಾಕಿ ಉಳಿದಿರುವ ಕುರಿತು ದೂರುಗಳು ಬಂದಿವೆ. ಹೊಸ ನೇಮಕಾತಿ ಪ್ರಕ್ರಿಯೆ ಕೈಗೊಳ್ಳುವ ಮೊದಲು ಬಾಕಿ ಇರುವ ಬ್ಯಾಕ್‌ಲಾಗ್ ಹುದ್ದೆಗಳ ಭರ್ತಿಗೆ ಆದ್ಯತೆ ನೀಡಬೇಕು ಎಂದು ಇದೇ ವೇಳೆ ತಿಳಿಸಿದರು.
ಪಂಚಾಯತ್ ಚುನಾವಣೆ ವಿಳಂಬ: ಕರ್ನಾಟಕ ರಾಜ್ಯದಲ್ಲಿ ಕಳೆದ ಐದು ವರ್ಷಗಳಿಂದ ಗ್ರಾಮ ಪಂಚಾಯತ್ ಹಾಗೂ ನಗರ ಸ್ಥಳೀಯ ಸಂಸ್ಥೆಗಳ ಚುನಾವಣೆ ನಡೆಯದಿರುವ ಕುರಿತು ಆಯೋಗದ ಗಮನಕ್ಕೆ ಮಾಹಿತಿ ಬಂದಿದೆ. ಸ್ಥಳೀಯ ಆಡಳಿತ ಹಾಗೂ ಗ್ರಾಮೀಣ ಅಭಿವೃದ್ಧಿಯಲ್ಲಿ ಪಂಚಾಯತ್‌ಗಳ ಪಾತ್ರ ಪ್ರಮುಖವಾಗಿರುವ ಹಿನ್ನೆಲೆಯಲ್ಲಿ ಚುನಾವಣೆ ವಿಳಂಬದಿಂದ ವಿವಿಧ ಯೋಜನೆಗಳ ಅನುಷ್ಠಾನ ಹಾಗೂ ಅನುದಾನ ಬಳಕೆಗೆ ತೊಂದರೆಯಾಗುವ ಸಾಧ್ಯತೆಯಿದೆ ಎಂದು ಅವರು ವಿವರಿಸಿದರು. ರಾಜ್ಯದಲ್ಲಿ ಸುಮಾರು 110 ಪರಿಶಿಷ್ಟ ಜಾತಿ ಹಾಗೂ 50ಕ್ಕೂ ಹೆಚ್ಚು ವಿವಿಧ ಬುಡಕಟ್ಟು ಸಮುದಾಯಗಳಿದ್ದು, ಎಲ್ಲರಿಗೂ ಸಮರ್ಪಕ ಪ್ರಾತಿನಿಧ್ಯ ದೊರೆಯುತ್ತಿಲ್ಲ ಎಂಬ ಪತ್ರಕರ್ತರ ಪ್ರಶ್ನೆಗೆ ಉತ್ತರಿಸಿದ ಆಯೋಗದ ಸದಸ್ಯ ಜಾಟೋತು ಹುಸೇನ್ ನಾಯಕ್, ಇದು ರಾಜ್ಯ ಸರ್ಕಾರದ ವ್ಯಾಪ್ತಿಗೆ ಒಳಪಡುವ ವಿಚಾರವಾಗಿದೆ. ಈ ಕುರಿತು ದಾಖಲೆಗಳು ಅಥವಾ ಸಂಬಂಧಿತ ಮಾಹಿತಿಯನ್ನು ಆಯೋಗಕ್ಕೆ ಸಲ್ಲಿಸುವಂತೆ ಸೂಚಿಸಿದರು.
ಯಲ್ಲಾಪುರದಲ್ಲಿ 58 ಕೆಜಿ ಶ್ರೀಗಂಧದ ತುಂಡು ಜಪ್ತಿ: ನಾಲ್ವರು ಆರೋಪಿಗಳ ಬಂಧನ, ಓರ್ವ ಪರಾರಿ
ದೂರ ದೃಷ್ಟಿ ವಾರ್ತೆ ಕಾರವಾರ: ಯಲ್ಲಾಪುರ ಪಟ್ಟಣದ ಬಿಸಗೋಡ ರಸ್ತೆ ಮಾರ್ಗದ ಸ್ಮಶಾನದ ಪಕ್ಕದಲ್ಲಿ ಅನಧಿಕೃತವಾಗಿ ದ್ವಿಚಕ್ರ ವಾಹನದಲ್ಲಿ ಬೆಲೆಬಾಳುವ ಶ್ರೀಗಂಧದ ತುಂಡುಗಳನ್ನು ಸಾಗಿಸುತ್ತಿದ್ದ ನಾಲ್ವರು ಆರೋಪಿಗಳನ್ನು ಅರಣ್ಯ ಇಲಾಖೆ ಸಿಬ್ಬಂದಿ ಸೆಪ್ಟೆಂಬರ್ 23ರಂದು ಯಶಸ್ವಿ ಕಾರ್ಯಾಚರಣೆ ನಡೆಸಿ ಬಂಧಿಸಿದ್ದಾರೆ. ಬಂಧಿತ ಆರೋಪಿಗಳನ್ನು ಮಾಗೋಡಿನ ನಾಗೇಂದ್ರ ಮಂಜುನಾಥ ಸಿದ್ದಿ, ಅಂಕೋಲಾ ತಾಲೂಕು ಕಮ್ಮಾಣಿಯ ರವಿ ಕೃಷ್ಣ ಸಿದ್ದಿ, ಹಳೆಮ್ಯಾಗನರದ ಮಂಜುನಾಥ ಪ್ರಭಾಕರ ಸಿದ್ದಿ ಹಾಗೂ ಲಕ್ಷ್ಮಣ ಪ್ರಭಾಕರ ಸಿದ್ದಿ ಎಂದು ಗುರುತಿಸಲಾಗಿದೆ. ಮಲ್ಲೆಯ ಸತೀಶ ಸಿದ್ದಿ ಎಂಬ ಮತ್ತೊಬ್ಬ ಆರೋಪಿ ಸ್ಥಳದಿಂದ ಪರಾರಿಯಾಗಿದ್ದು ಆತನ ಪತ್ತೆಗೆ ಶೋಧ ಕಾರ್ಯ ಮುಂದುವರಿದಿದೆ. ಜಪ್ತಿಯಾದ ಶ್ರೀಗಂಧದ ತುಂಡುಗಳ ಒಟ್ಟು ತೂಕ 58.80 ಕೆಜಿ ಆಗಿದ್ದು, ಆರೋಪಿಗಳು ಬಳಸುತ್ತಿದ್ದ ದ್ವಿಚಕ್ರ ವಾಹನಗಳು ಹಾಗೂ ಕೃತ್ಯಕ್ಕೆ ಬಳಸಿದ ಇತರೆ ಸಾಮಗ್ರಿಗಳನ್ನು ವಶಕ್ಕೆ ಪಡೆಯಲಾಗಿದೆ. ಬಂಧಿತ ಆರೋಪಿಗಳ ವಿರುದ್ಧ ಕರ್ನಾಟಕ ಅರಣ್ಯ ಕಾಯ್ದೆ 1963 ರ ಸೆಕ್ಷನ್ 84, 86, 87, 71(ಎ) ಹಾಗೂ ಕರ್ನಾಟಕ ಅರಣ್ಯ ನಿಯಮ 1969ರ ನಿಯಮ 144 ಮತ್ತು 155 ರ ಅಡಿ ಅರಣ್ಯ ಮೊಕದ್ದಮೆ ದಾಖಲಿಸಿ, ನ್ಯಾಯಾಂಗ ಬಂಧನಕ್ಕೆ ಒಪ್ಪಿಸಲಾಗಿದೆ. ಯಲ್ಲಾಪುರ ಉಪ ಅರಣ್ಯ ಸಂರಕ್ಷಣಾಧಿಕಾರಿ ಅಬ್ದುಲ್ ಅಜೀಜ್ ಎ.ಶೇಖ್ ಅವರ ಮಾರ್ಗದರ್ಶನದಲ್ಲಿ, ವಲಯ ಅರಣ್ಯಾಧಿಕಾರಿ ಮಂಜುನಾಥ ಹೆಚ್. ನಾಯ್ಕ ಅವರ ನೇತೃತ್ವದಲ್ಲಿ ಈ ಕಾರ್ಯಾಚರಣೆ ನಡೆದಿದೆ. ತಂಡದಲ್ಲಿ ಉಪ ವಲಯ ಅರಣ್ಯಾಧಿಕಾರಿಗಳಾದ ದರ್ಶನ್? ವಿ.ಎಸ್, ಜಿ.ಸಂತೋಷ, ಶ್ರೀನಿವಾಸ ನಾಯ್ಕ, ಸಂಜಯ ಕುಮಾರ ಬೋರಗಲ್ಲಿ, ಪ್ರಮೋದ ಬಾಳಿಗಿ, ಮಂಜುನಾಥ ಗುಂಗುರ, ಶರಣಬಸು ದೇವರು, ಶ್ರೀಧರ ಸುರ್ವ, ಉಮೇಶ ಹೊಸಮನಿ ಹಾಗೂ ಗಸ್ತು ಅರಣ್ಯ ಪಾಲಕರಾದ ಶಹನವಾಜ್ ಮುಲ್ಲಾನಿ, ಗೌಡಪ್ಪ ಗೌಡ ???ಭದ್ರ, ರಮೇಶ ಬಡಿಗೇರ, ಬಸವರೆಡ್ಡಿ ರಡ್ಡೇರ, ಸತೀಶ ಕುಂಬಾರ, ಗೌರೀಶ ನಾಯ್ಕ, ರಾಮು ಕೊಕರೆ, ಶಿವಾನಂದ ಯಾವಗಲ್, ಗಣೇಶ ಮತ್ತು ವಾಹನ ಚಾಲಕರಾದ ಆನಂದ, ದಿನೇಶ, ಪ್ರಶಾಂತ ಪಾಲ್ಗೊಂಡಿದ್ದರು.
